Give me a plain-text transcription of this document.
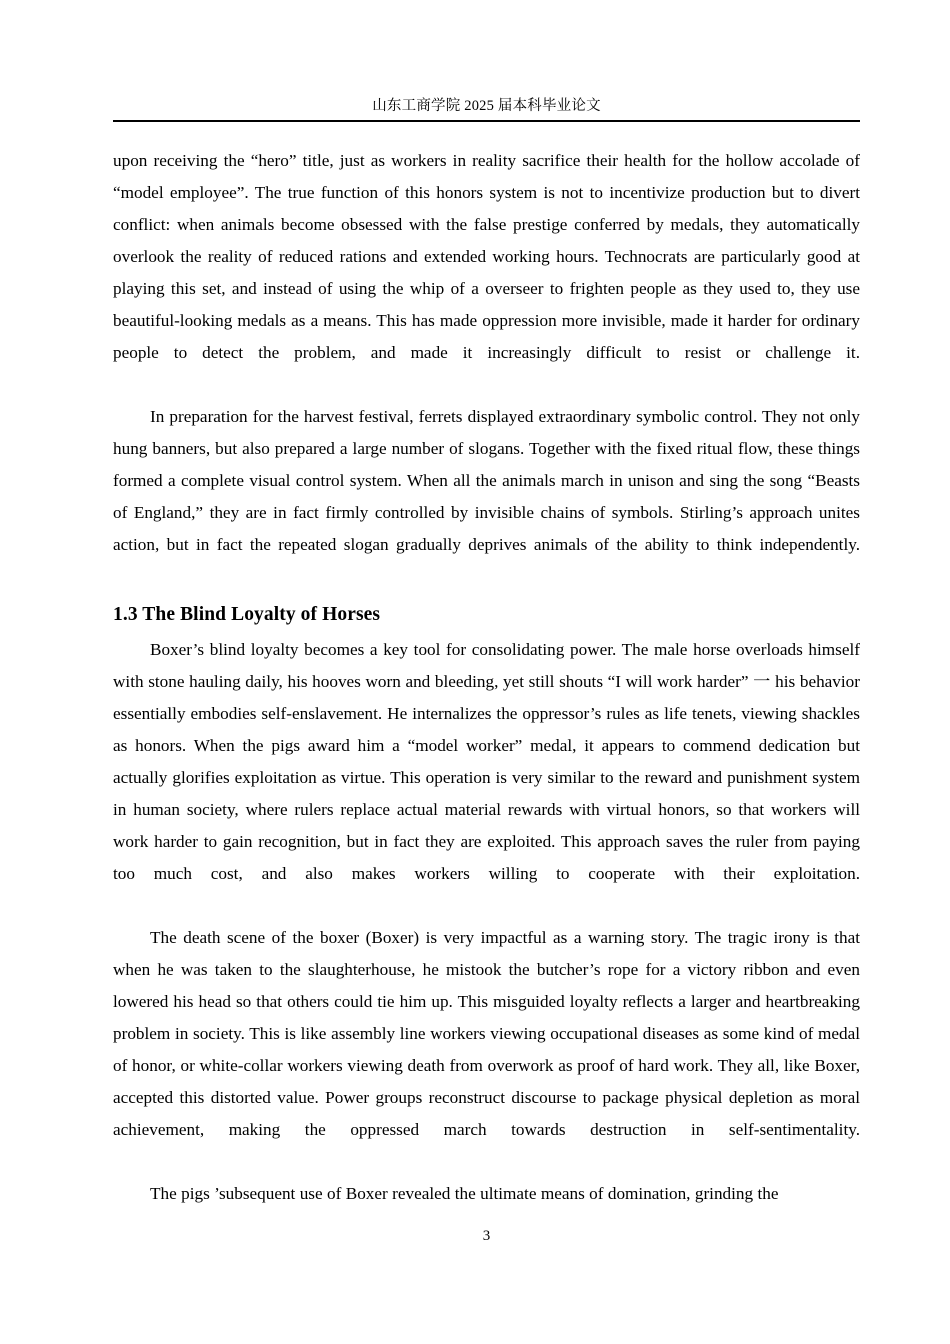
山东工商学院 2025 届本科毕业论文

upon receiving the “hero” title, just as workers in reality sacrifice their health for the hollow accolade of “model employee”. The true function of this honors system is not to incentivize production but to divert conflict: when animals become obsessed with the false prestige conferred by medals, they automatically overlook the reality of reduced rations and extended working hours. Technocrats are particularly good at playing this set, and instead of using the whip of a overseer to frighten people as they used to, they use beautiful-looking medals as a means. This has made oppression more invisible, made it harder for ordinary people to detect the problem, and made it increasingly difficult to resist or challenge it.

In preparation for the harvest festival, ferrets displayed extraordinary symbolic control. They not only hung banners, but also prepared a large number of slogans. Together with the fixed ritual flow, these things formed a complete visual control system. When all the animals march in unison and sing the song “Beasts of England,” they are in fact firmly controlled by invisible chains of symbols. Stirling’s approach unites action, but in fact the repeated slogan gradually deprives animals of the ability to think independently.

1.3 The Blind Loyalty of Horses

Boxer’s blind loyalty becomes a key tool for consolidating power. The male horse overloads himself with stone hauling daily, his hooves worn and bleeding, yet still shouts “I will work harder” 一 his behavior essentially embodies self-enslavement. He internalizes the oppressor’s rules as life tenets, viewing shackles as honors. When the pigs award him a “model worker” medal, it appears to commend dedication but actually glorifies exploitation as virtue. This operation is very similar to the reward and punishment system in human society, where rulers replace actual material rewards with virtual honors, so that workers will work harder to gain recognition, but in fact they are exploited. This approach saves the ruler from paying too much cost, and also makes workers willing to cooperate with their exploitation.

The death scene of the boxer (Boxer) is very impactful as a warning story. The tragic irony is that when he was taken to the slaughterhouse, he mistook the butcher’s rope for a victory ribbon and even lowered his head so that others could tie him up. This misguided loyalty reflects a larger and heartbreaking problem in society. This is like assembly line workers viewing occupational diseases as some kind of medal of honor, or white-collar workers viewing death from overwork as proof of hard work. They all, like Boxer, accepted this distorted value. Power groups reconstruct discourse to package physical depletion as moral achievement, making the oppressed march towards destruction in self-sentimentality.

The pigs ’subsequent use of Boxer revealed the ultimate means of domination, grinding the

3
